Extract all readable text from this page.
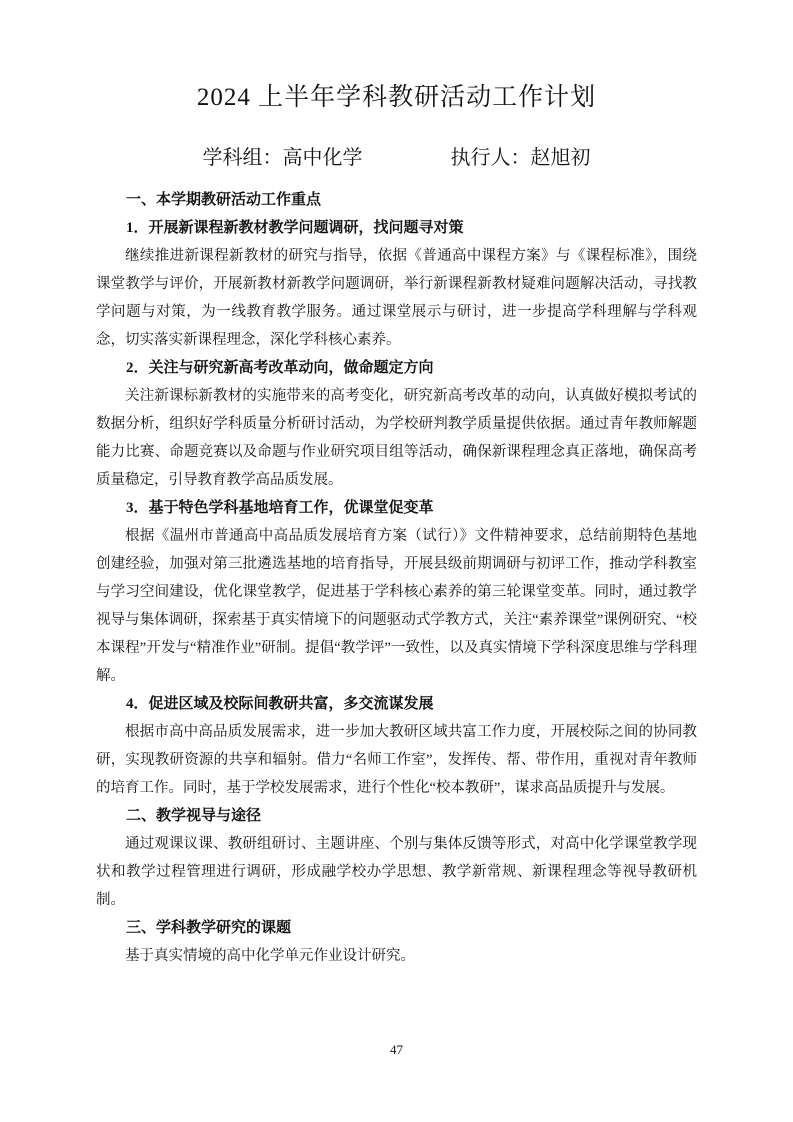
2024 上半年学科教研活动工作计划
学科组：高中化学	执行人：赵旭初
一、本学期教研活动工作重点
1．开展新课程新教材教学问题调研，找问题寻对策

继续推进新课程新教材的研究与指导，依据《普通高中课程方案》与《课程标准》，围绕课堂教学与评价，开展新教材新教学问题调研，举行新课程新教材疑难问题解决活动，寻找教学问题与对策，为一线教育教学服务。通过课堂展示与研讨，进一步提高学科理解与学科观念，切实落实新课程理念，深化学科核心素养。

2．关注与研究新高考改革动向，做命题定方向

关注新课标新教材的实施带来的高考变化，研究新高考改革的动向，认真做好模拟考试的数据分析，组织好学科质量分析研讨活动，为学校研判教学质量提供依据。通过青年教师解题能力比赛、命题竞赛以及命题与作业研究项目组等活动，确保新课程理念真正落地，确保高考质量稳定，引导教育教学高品质发展。

3．基于特色学科基地培育工作，优课堂促变革

根据《温州市普通高中高品质发展培育方案（试行）》文件精神要求，总结前期特色基地创建经验，加强对第三批遴选基地的培育指导，开展县级前期调研与初评工作，推动学科教室与学习空间建设，优化课堂教学，促进基于学科核心素养的第三轮课堂变革。同时，通过教学视导与集体调研，探索基于真实情境下的问题驱动式学教方式，关注“素养课堂”课例研究、“校本课程”开发与“精准作业”研制。提倡“教学评”一致性，以及真实情境下学科深度思维与学科理解。

4．促进区域及校际间教研共富，多交流谋发展

根据市高中高品质发展需求，进一步加大教研区域共富工作力度，开展校际之间的协同教研，实现教研资源的共享和辐射。借力“名师工作室”，发挥传、帮、带作用，重视对青年教师的培育工作。同时，基于学校发展需求，进行个性化“校本教研”，谋求高品质提升与发展。

二、教学视导与途径

通过观课议课、教研组研讨、主题讲座、个别与集体反馈等形式，对高中化学课堂教学现状和教学过程管理进行调研，形成融学校办学思想、教学新常规、新课程理念等视导教研机制。

三、学科教学研究的课题

基于真实情境的高中化学单元作业设计研究。

47
